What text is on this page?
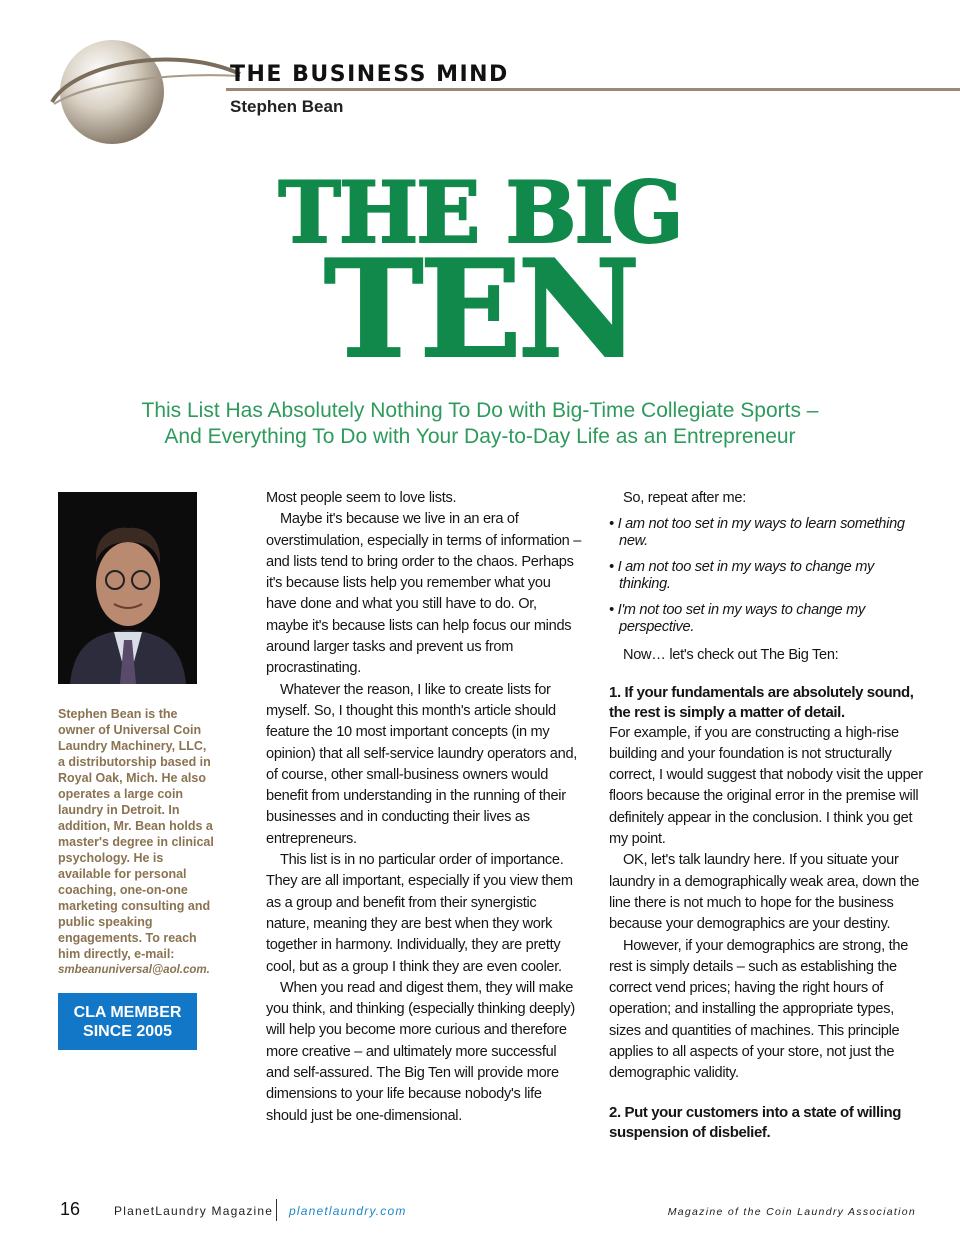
THE BUSINESS MIND
Stephen Bean
THE BIG
TEN
This List Has Absolutely Nothing To Do with Big-Time Collegiate Sports –
And Everything To Do with Your Day-to-Day Life as an Entrepreneur
Stephen Bean is the owner of Universal Coin Laundry Machinery, LLC, a distributorship based in Royal Oak, Mich. He also operates a large coin laundry in Detroit. In addition, Mr. Bean holds a master's degree in clinical psychology. He is available for personal coaching, one-on-one marketing consulting and public speaking engagements. To reach him directly, e-mail:
smbeanuniversal@aol.com.
CLA MEMBER
SINCE 2005

Most people seem to love lists.

Maybe it's because we live in an era of overstimulation, especially in terms of information – and lists tend to bring order to the chaos. Perhaps it's because lists help you remember what you have done and what you still have to do. Or, maybe it's because lists can help focus our minds around larger tasks and prevent us from procrastinating.

Whatever the reason, I like to create lists for myself. So, I thought this month's article should feature the 10 most important concepts (in my opinion) that all self-service laundry operators and, of course, other small-business owners would benefit from understanding in the running of their businesses and in conducting their lives as entrepreneurs.

This list is in no particular order of importance. They are all important, especially if you view them as a group and benefit from their synergistic nature, meaning they are best when they work together in harmony. Individually, they are pretty cool, but as a group I think they are even cooler.

When you read and digest them, they will make you think, and thinking (especially thinking deeply) will help you become more curious and therefore more creative – and ultimately more successful and self-assured. The Big Ten will provide more dimensions to your life because nobody's life should just be one-dimensional.

So, repeat after me:

• I am not too set in my ways to learn something new.

• I am not too set in my ways to change my thinking.

• I'm not too set in my ways to change my perspective.

Now… let's check out The Big Ten:

1. If your fundamentals are absolutely sound, the rest is simply a matter of detail.

For example, if you are constructing a high-rise building and your foundation is not structurally correct, I would suggest that nobody visit the upper floors because the original error in the premise will definitely appear in the conclusion. I think you get my point.

OK, let's talk laundry here. If you situate your laundry in a demographically weak area, down the line there is not much to hope for the business because your demographics are your destiny.

However, if your demographics are strong, the rest is simply details – such as establishing the correct vend prices; having the right hours of operation; and installing the appropriate types, sizes and quantities of machines. This principle applies to all aspects of your store, not just the demographic validity.

2. Put your customers into a state of willing suspension of disbelief.

16	PlanetLaundry Magazine planetlaundry.com	Magazine of the Coin Laundry Association
